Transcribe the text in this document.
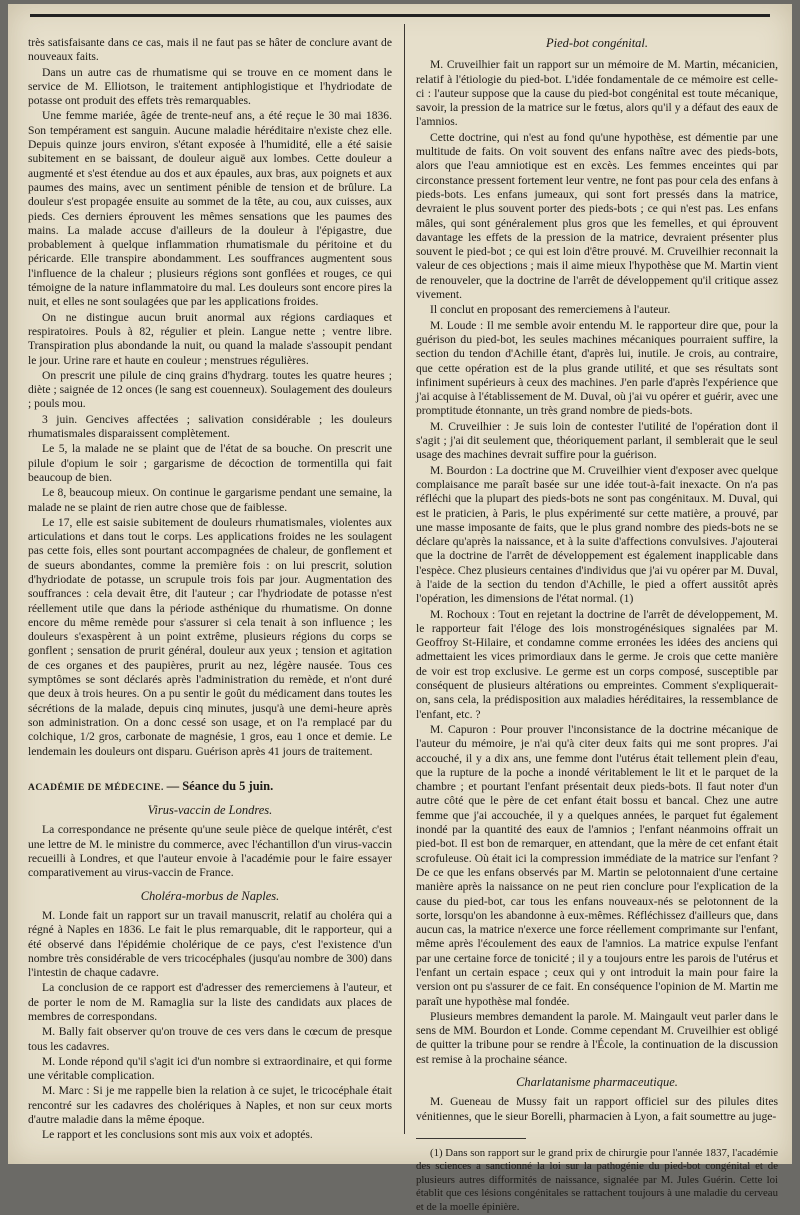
très satisfaisante dans ce cas, mais il ne faut pas se hâter de conclure avant de nouveaux faits.

Dans un autre cas de rhumatisme qui se trouve en ce moment dans le service de M. Elliotson, le traitement antiphlogistique et l'hydriodate de potasse ont produit des effets très remarquables.

Une femme mariée, âgée de trente-neuf ans, a été reçue le 30 mai 1836. Son tempérament est sanguin. Aucune maladie héréditaire n'existe chez elle. Depuis quinze jours environ, s'étant exposée à l'humidité, elle a été saisie subitement en se baissant, de douleur aiguë aux lombes. Cette douleur a augmenté et s'est étendue au dos et aux épaules, aux bras, aux poignets et aux paumes des mains, avec un sentiment pénible de tension et de brûlure. La douleur s'est propagée ensuite au sommet de la tête, au cou, aux cuisses, aux pieds. Ces derniers éprouvent les mêmes sensations que les paumes des mains. La malade accuse d'ailleurs de la douleur à l'épigastre, due probablement à quelque inflammation rhumatismale du péritoine et du péricarde. Elle transpire abondamment. Les souffrances augmentent sous l'influence de la chaleur ; plusieurs régions sont gonflées et rouges, ce qui témoigne de la nature inflammatoire du mal. Les douleurs sont encore pires la nuit, et elles ne sont soulagées que par les applications froides.

On ne distingue aucun bruit anormal aux régions cardiaques et respiratoires. Pouls à 82, régulier et plein. Langue nette ; ventre libre. Transpiration plus abondande la nuit, ou quand la malade s'assoupit pendant le jour. Urine rare et haute en couleur ; menstrues régulières.

On prescrit une pilule de cinq grains d'hydrarg. toutes les quatre heures ; diète ; saignée de 12 onces (le sang est couenneux). Soulagement des douleurs ; pouls mou.

3 juin. Gencives affectées ; salivation considérable ; les douleurs rhumatismales disparaissent complètement.

Le 5, la malade ne se plaint que de l'état de sa bouche. On prescrit une pilule d'opium le soir ; gargarisme de décoction de tormentilla qui fait beaucoup de bien.

Le 8, beaucoup mieux. On continue le gargarisme pendant une semaine, la malade ne se plaint de rien autre chose que de faiblesse.

Le 17, elle est saisie subitement de douleurs rhumatismales, violentes aux articulations et dans tout le corps. Les applications froides ne les soulagent pas cette fois, elles sont pourtant accompagnées de chaleur, de gonflement et de sueurs abondantes, comme la première fois : on lui prescrit, solution d'hydriodate de potasse, un scrupule trois fois par jour. Augmentation des souffrances : cela devait être, dit l'auteur ; car l'hydriodate de potasse n'est réellement utile que dans la période asthénique du rhumatisme. On donne encore du même remède pour s'assurer si cela tenait à son influence ; les douleurs s'exaspèrent à un point extrême, plusieurs régions du corps se gonflent ; sensation de prurit général, douleur aux yeux ; tension et agitation de ces organes et des paupières, prurit au nez, légère nausée. Tous ces symptômes se sont déclarés après l'administration du remède, et n'ont duré que deux à trois heures. On a pu sentir le goût du médicament dans toutes les sécrétions de la malade, depuis cinq minutes, jusqu'à une demi-heure après son administration. On a donc cessé son usage, et on l'a remplacé par du colchique, 1/2 gros, carbonate de magnésie, 1 gros, eau 1 once et demie. Le lendemain les douleurs ont disparu. Guérison après 41 jours de traitement.

ACADÉMIE DE MÉDECINE. — Séance du 5 juin.

Virus-vaccin de Londres.

La correspondance ne présente qu'une seule pièce de quelque intérêt, c'est une lettre de M. le ministre du commerce, avec l'échantillon d'un virus-vaccin recueilli à Londres, et que l'auteur envoie à l'académie pour le faire essayer comparativement au virus-vaccin de France.

Choléra-morbus de Naples.

M. Londe fait un rapport sur un travail manuscrit, relatif au choléra qui a régné à Naples en 1836. Le fait le plus remarquable, dit le rapporteur, qui a été observé dans l'épidémie cholérique de ce pays, c'est l'existence d'un nombre très considérable de vers tricocéphales (jusqu'au nombre de 300) dans l'intestin de chaque cadavre.

La conclusion de ce rapport est d'adresser des remerciemens à l'auteur, et de porter le nom de M. Ramaglia sur la liste des candidats aux places de membres de correspondans.

M. Bally fait observer qu'on trouve de ces vers dans le cœcum de presque tous les cadavres.

M. Londe répond qu'il s'agit ici d'un nombre si extraordinaire, et qui forme une véritable complication.

M. Marc : Si je me rappelle bien la relation à ce sujet, le tricocéphale était rencontré sur les cadavres des cholériques à Naples, et non sur ceux morts d'autre maladie dans la même époque.

Le rapport et les conclusions sont mis aux voix et adoptés.

Pied-bot congénital.

M. Cruveilhier fait un rapport sur un mémoire de M. Martin, mécanicien, relatif à l'étiologie du pied-bot. L'idée fondamentale de ce mémoire est celle-ci : l'auteur suppose que la cause du pied-bot congénital est toute mécanique, savoir, la pression de la matrice sur le fœtus, alors qu'il y a défaut des eaux de l'amnios.

Cette doctrine, qui n'est au fond qu'une hypothèse, est démentie par une multitude de faits. On voit souvent des enfans naître avec des pieds-bots, alors que l'eau amniotique est en excès. Les femmes enceintes qui par circonstance pressent fortement leur ventre, ne font pas pour cela des enfans à pieds-bots. Les enfans jumeaux, qui sont fort pressés dans la matrice, devraient le plus souvent porter des pieds-bots ; ce qui n'est pas. Les enfans mâles, qui sont généralement plus gros que les femelles, et qui éprouvent davantage les effets de la pression de la matrice, devraient présenter plus souvent le pied-bot ; ce qui est loin d'être prouvé. M. Cruveilhier reconnait la valeur de ces objections ; mais il aime mieux l'hypothèse que M. Martin vient de renouveler, que la doctrine de l'arrêt de développement qu'il critique assez vivement.

Il conclut en proposant des remerciemens à l'auteur.

M. Loude : Il me semble avoir entendu M. le rapporteur dire que, pour la guérison du pied-bot, les seules machines mécaniques pourraient suffire, la section du tendon d'Achille étant, d'après lui, inutile. Je crois, au contraire, que cette opération est de la plus grande utilité, et que ses résultats sont infiniment supérieurs à ceux des machines. J'en parle d'après l'expérience que j'ai acquise à l'établissement de M. Duval, où j'ai vu opérer et guérir, avec une promptitude étonnante, un très grand nombre de pieds-bots.

M. Cruveilhier : Je suis loin de contester l'utilité de l'opération dont il s'agit ; j'ai dit seulement que, théoriquement parlant, il semblerait que le seul usage des machines devrait suffire pour la guérison.

M. Bourdon : La doctrine que M. Cruveilhier vient d'exposer avec quelque complaisance me paraît basée sur une idée tout-à-fait inexacte. On n'a pas réfléchi que la plupart des pieds-bots ne sont pas congénitaux. M. Duval, qui est le praticien, à Paris, le plus expérimenté sur cette matière, a prouvé, par une masse imposante de faits, que le plus grand nombre des pieds-bots ne se déclare qu'après la naissance, et à la suite d'affections convulsives. J'ajouterai que la doctrine de l'arrêt de développement est également inapplicable dans l'espèce. Chez plusieurs centaines d'individus que j'ai vu opérer par M. Duval, à l'aide de la section du tendon d'Achille, le pied a offert aussitôt après l'opération, les dimensions de l'état normal. (1)

M. Rochoux : Tout en rejetant la doctrine de l'arrêt de développement, M. le rapporteur fait l'éloge des lois monstrogénésiques signalées par M. Geoffroy St-Hilaire, et condamne comme erronées les idées des anciens qui admettaient les vices primordiaux dans le germe. Je crois que cette manière de voir est trop exclusive. Le germe est un corps composé, susceptible par conséquent de plusieurs altérations ou empreintes. Comment s'expliquerait-on, sans cela, la prédisposition aux maladies héréditaires, la ressemblance de l'enfant, etc. ?

M. Capuron : Pour prouver l'inconsistance de la doctrine mécanique de l'auteur du mémoire, je n'ai qu'à citer deux faits qui me sont propres. J'ai accouché, il y a dix ans, une femme dont l'utérus était tellement plein d'eau, que la rupture de la poche a inondé véritablement le lit et le parquet de la chambre ; et pourtant l'enfant présentait deux pieds-bots. Il faut noter d'un autre côté que le père de cet enfant était bossu et bancal. Chez une autre femme que j'ai accouchée, il y a quelques années, le parquet fut également inondé par la quantité des eaux de l'amnios ; l'enfant néanmoins offrait un pied-bot. Il est bon de remarquer, en attendant, que la mère de cet enfant était scrofuleuse. Où était ici la compression immédiate de la matrice sur l'enfant ? De ce que les enfans observés par M. Martin se pelotonnaient d'une certaine manière après la naissance on ne peut rien conclure pour l'explication de la cause du pied-bot, car tous les enfans nouveaux-nés se pelotonnent de la sorte, lorsqu'on les abandonne à eux-mêmes. Réfléchissez d'ailleurs que, dans aucun cas, la matrice n'exerce une force réellement comprimante sur l'enfant, même après l'écoulement des eaux de l'amnios. La matrice expulse l'enfant par une certaine force de tonicité ; il y a toujours entre les parois de l'utérus et l'enfant un certain espace ; ceux qui y ont introduit la main pour faire la version ont pu s'assurer de ce fait. En conséquence l'opinion de M. Martin me paraît une hypothèse mal fondée.

Plusieurs membres demandent la parole. M. Maingault veut parler dans le sens de MM. Bourdon et Londe. Comme cependant M. Cruveilhier est obligé de quitter la tribune pour se rendre à l'École, la continuation de la discussion est remise à la prochaine séance.

Charlatanisme pharmaceutique.

M. Gueneau de Mussy fait un rapport officiel sur des pilules dites vénitiennes, que le sieur Borelli, pharmacien à Lyon, a fait soumettre au juge-

(1) Dans son rapport sur le grand prix de chirurgie pour l'année 1837, l'académie des sciences a sanctionné la loi sur la pathogénie du pied-bot congénital et de plusieurs autres difformités de naissance, signalée par M. Jules Guérin. Cette loi établit que ces lésions congénitales se rattachent toujours à une maladie du cerveau et de la moelle épinière.
